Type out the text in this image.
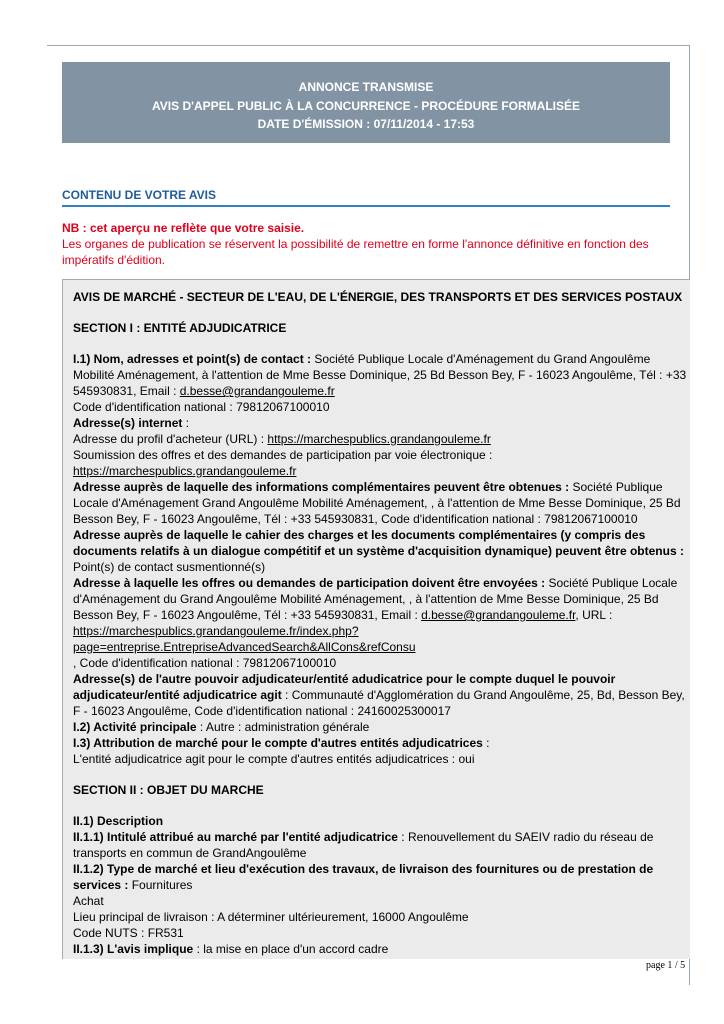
ANNONCE TRANSMISE
AVIS D'APPEL PUBLIC À LA CONCURRENCE - PROCÉDURE FORMALISÉE
DATE D'ÉMISSION : 07/11/2014 - 17:53
CONTENU DE VOTRE AVIS
NB : cet aperçu ne reflète que votre saisie.
Les organes de publication se réservent la possibilité de remettre en forme l'annonce définitive en fonction des impératifs d'édition.

AVIS DE MARCHÉ - SECTEUR DE L'EAU, DE L'ÉNERGIE, DES TRANSPORTS ET DES SERVICES POSTAUX

SECTION I : ENTITÉ ADJUDICATRICE

I.1) Nom, adresses et point(s) de contact : Société Publique Locale d'Aménagement du Grand Angoulême Mobilité Aménagement, à l'attention de Mme Besse Dominique, 25 Bd Besson Bey, F - 16023 Angoulême, Tél : +33 545930831, Email : d.besse@grandangouleme.fr

Code d'identification national : 79812067100010

Adresse(s) internet :

Adresse du profil d'acheteur (URL) : https://marchespublics.grandangouleme.fr

Soumission des offres et des demandes de participation par voie électronique :

https://marchespublics.grandangouleme.fr

Adresse auprès de laquelle des informations complémentaires peuvent être obtenues : Société Publique Locale d'Aménagement Grand Angoulême Mobilité Aménagement, , à l'attention de Mme Besse Dominique, 25 Bd Besson Bey, F - 16023 Angoulême, Tél : +33 545930831, Code d'identification national : 79812067100010

Adresse auprès de laquelle le cahier des charges et les documents complémentaires (y compris des documents relatifs à un dialogue compétitif et un système d'acquisition dynamique) peuvent être obtenus : Point(s) de contact susmentionné(s)

Adresse à laquelle les offres ou demandes de participation doivent être envoyées : Société Publique Locale d'Aménagement du Grand Angoulême Mobilité Aménagement, , à l'attention de Mme Besse Dominique, 25 Bd Besson Bey, F - 16023 Angoulême, Tél : +33 545930831, Email : d.besse@grandangouleme.fr, URL :

https://marchespublics.grandangouleme.fr/index.php?page=entreprise.EntrepriseAdvancedSearch&AllCons&refConsu

, Code d'identification national : 79812067100010

Adresse(s) de l'autre pouvoir adjudicateur/entité adudicatrice pour le compte duquel le pouvoir adjudicateur/entité adjudicatrice agit : Communauté d'Agglomération du Grand Angoulême, 25, Bd, Besson Bey, F - 16023 Angoulême, Code d'identification national : 24160025300017

I.2) Activité principale : Autre : administration générale

I.3) Attribution de marché pour le compte d'autres entités adjudicatrices :

L'entité adjudicatrice agit pour le compte d'autres entités adjudicatrices : oui

SECTION II : OBJET DU MARCHE

II.1) Description

II.1.1) Intitulé attribué au marché par l'entité adjudicatrice : Renouvellement du SAEIV radio du réseau de transports en commun de GrandAngoulême

II.1.2) Type de marché et lieu d'exécution des travaux, de livraison des fournitures ou de prestation de services : Fournitures

Achat

Lieu principal de livraison : A déterminer ultérieurement, 16000 Angoulême

Code NUTS : FR531

II.1.3) L'avis implique : la mise en place d'un accord cadre

page 1 / 5
